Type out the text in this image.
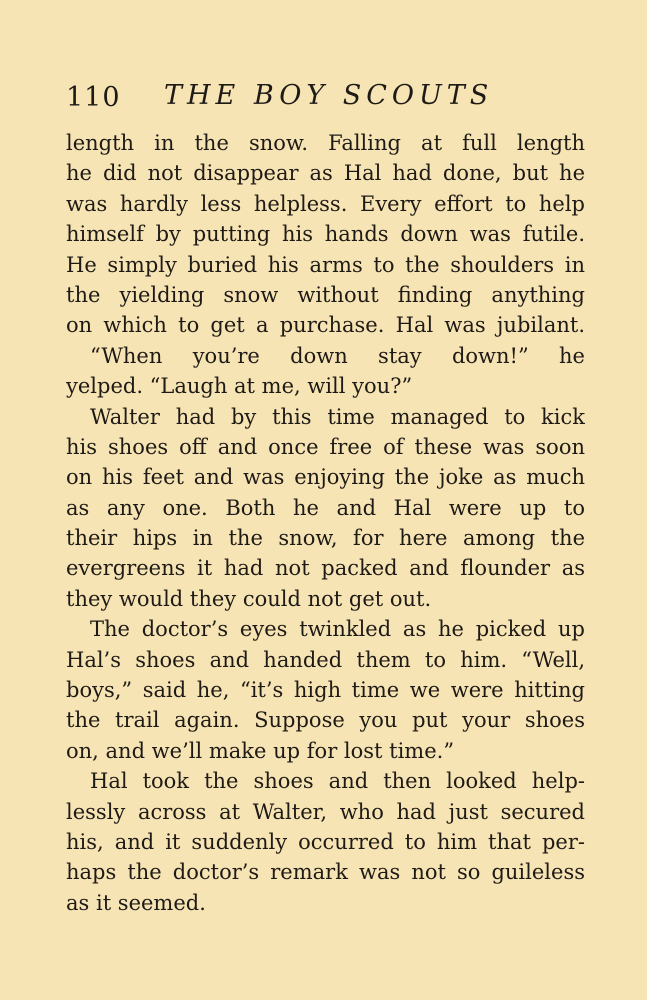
110 THE BOY SCOUTS
length in the snow. Falling at full length
he did not disappear as Hal had done, but he
was hardly less helpless. Every effort to help
himself by putting his hands down was futile.
He simply buried his arms to the shoulders in
the yielding snow without finding anything
on which to get a purchase. Hal was jubilant.
“When you’re down stay down!” he
yelped. “Laugh at me, will you?”
Walter had by this time managed to kick
his shoes off and once free of these was soon
on his feet and was enjoying the joke as much
as any one. Both he and Hal were up to
their hips in the snow, for here among the
evergreens it had not packed and flounder as
they would they could not get out.
The doctor’s eyes twinkled as he picked up
Hal’s shoes and handed them to him. “Well,
boys,” said he, “it’s high time we were hitting
the trail again. Suppose you put your shoes
on, and we’ll make up for lost time.”
Hal took the shoes and then looked help-
lessly across at Walter, who had just secured
his, and it suddenly occurred to him that per-
haps the doctor’s remark was not so guileless
as it seemed.
